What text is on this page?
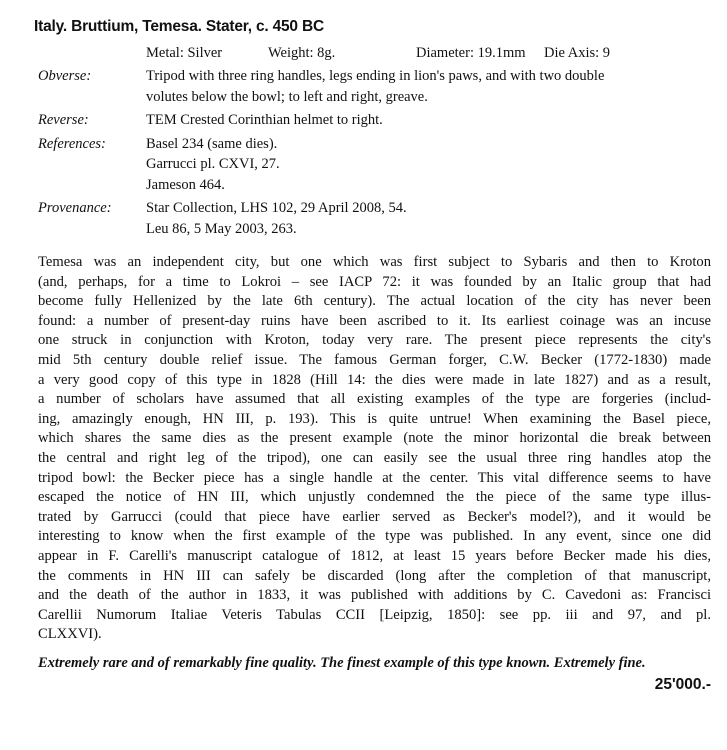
Italy. Bruttium, Temesa. Stater, c. 450 BC
Metal: Silver	Weight: 8g.	Diameter: 19.1mm	Die Axis: 9
Obverse:	Tripod with three ring handles, legs ending in lion's paws, and with two double
volutes below the bowl; to left and right, greave.
Reverse:	TEM Crested Corinthian helmet to right.
References:	Basel 234 (same dies).
Garrucci pl. CXVI, 27.
Jameson 464.
Provenance:	Star Collection, LHS 102, 29 April 2008, 54.
Leu 86, 5 May 2003, 263.
Temesa was an independent city, but one which was first subject to Sybaris and then to Kroton
(and, perhaps, for a time to Lokroi – see IACP 72: it was founded by an Italic group that had
become fully Hellenized by the late 6th century). The actual location of the city has never been
found: a number of present-day ruins have been ascribed to it. Its earliest coinage was an incuse
one struck in conjunction with Kroton, today very rare. The present piece represents the city's
mid 5th century double relief issue. The famous German forger, C.W. Becker (1772-1830) made
a very good copy of this type in 1828 (Hill 14: the dies were made in late 1827) and as a result,
a number of scholars have assumed that all existing examples of the type are forgeries (includ-
ing, amazingly enough, HN III, p. 193). This is quite untrue! When examining the Basel piece,
which shares the same dies as the present example (note the minor horizontal die break between
the central and right leg of the tripod), one can easily see the usual three ring handles atop the
tripod bowl: the Becker piece has a single handle at the center. This vital difference seems to have
escaped the notice of HN III, which unjustly condemned the the piece of the same type illus-
trated by Garrucci (could that piece have earlier served as Becker's model?), and it would be
interesting to know when the first example of the type was published. In any event, since one did
appear in F. Carelli's manuscript catalogue of 1812, at least 15 years before Becker made his dies,
the comments in HN III can safely be discarded (long after the completion of that manuscript,
and the death of the author in 1833, it was published with additions by C. Cavedoni as: Francisci
Carellii Numorum Italiae Veteris Tabulas CCII [Leipzig, 1850]: see pp. iii and 97, and pl.
CLXXVI).
Extremely rare and of remarkably fine quality. The finest example of this type known. Extremely fine.
25'000.-
